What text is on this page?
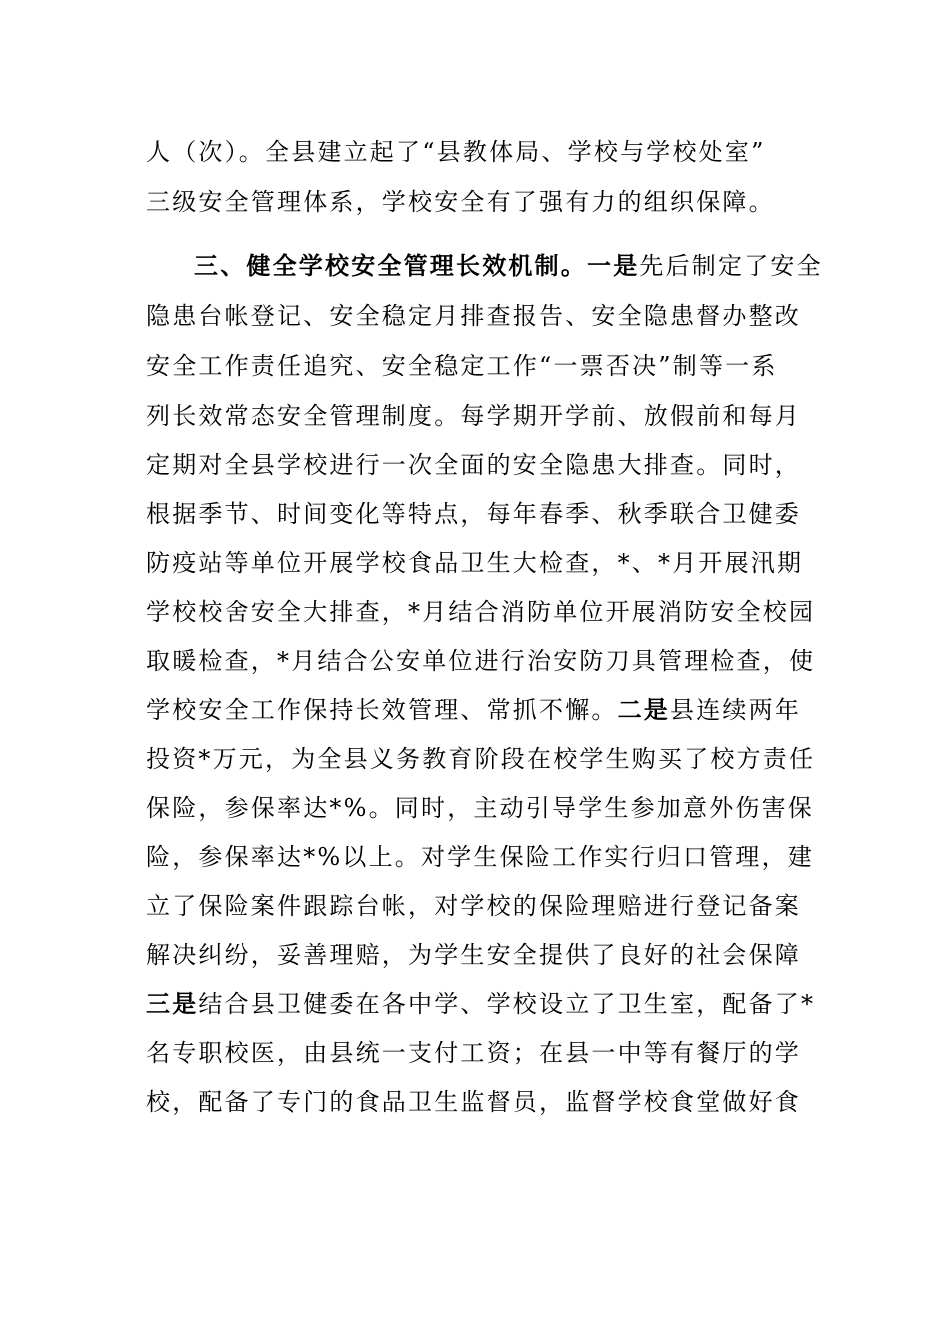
人（次）。全县建立起了“县教体局、学校与学校处室”
三级安全管理体系，学校安全有了强有力的组织保障。
三、健全学校安全管理长效机制。一是先后制定了安全
隐患台帐登记、安全稳定月排查报告、安全隐患督办整改
安全工作责任追究、安全稳定工作“一票否决”制等一系
列长效常态安全管理制度。每学期开学前、放假前和每月
定期对全县学校进行一次全面的安全隐患大排查。同时，
根据季节、时间变化等特点，每年春季、秋季联合卫健委
防疫站等单位开展学校食品卫生大检查，*、*月开展汛期
学校校舍安全大排查，*月结合消防单位开展消防安全校园
取暖检查，*月结合公安单位进行治安防刀具管理检查，使
学校安全工作保持长效管理、常抓不懈。二是县连续两年
投资*万元，为全县义务教育阶段在校学生购买了校方责任
保险，参保率达*%。同时，主动引导学生参加意外伤害保
险，参保率达*%以上。对学生保险工作实行归口管理，建
立了保险案件跟踪台帐，对学校的保险理赔进行登记备案
解决纠纷，妥善理赔，为学生安全提供了良好的社会保障
三是结合县卫健委在各中学、学校设立了卫生室，配备了*
名专职校医，由县统一支付工资；在县一中等有餐厅的学
校，配备了专门的食品卫生监督员，监督学校食堂做好食
